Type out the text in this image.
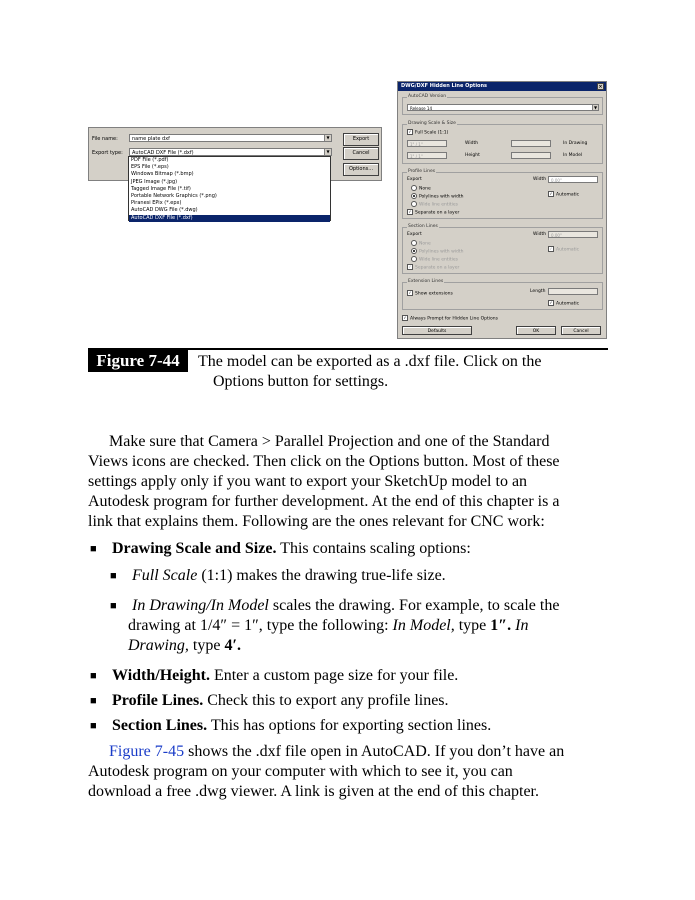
File name:	name plate dxf	▼
Export type:	AutoCAD DXF File (*.dxf)	▼
Export
Cancel
Options...
PDF File (*.pdf)
EPS File (*.eps)
Windows Bitmap (*.bmp)
JPEG Image (*.jpg)
Tagged Image File (*.tif)
Portable Network Graphics (*.png)
Piranesi EPix (*.epx)
AutoCAD DWG File (*.dwg)
AutoCAD DXF File (*.dxf)
DWG/DXF Hidden Line Options	×
AutoCAD Version
Release 14	▼
Drawing Scale & Size
✓ Full Scale (1:1)
1" / 1"	Width	In Drawing
1" / 1"	Height	In Model
Profile Lines
Export	Width	0.00"
None
Polylines with width
✓ Automatic
Wide line entities
✓ Separate on a layer
Section Lines
Export	Width	0.00"
None
Polylines with width
✓ Automatic
Wide line entities
✓ Separate on a layer
Extension Lines
✓ Show extensions	Length
✓ Automatic
✓ Always Prompt for Hidden Line Options
Defaults	OK	Cancel
Figure 7-44	The model can be exported as a .dxf file. Click on the
Options button for settings.
Make sure that Camera > Parallel Projection and one of the Standard
Views icons are checked. Then click on the Options button. Most of these
settings apply only if you want to export your SketchUp model to an
Autodesk program for further development. At the end of this chapter is a
link that explains them. Following are the ones relevant for CNC work:
■ Drawing Scale and Size. This contains scaling options:
■ Full Scale (1:1) makes the drawing true-life size.
■ In Drawing/In Model scales the drawing. For example, to scale the
drawing at 1/4″ = 1″, type the following: In Model, type 1″. In
Drawing, type 4′.
■ Width/Height. Enter a custom page size for your file.
■ Profile Lines. Check this to export any profile lines.
■ Section Lines. This has options for exporting section lines.
Figure 7-45 shows the .dxf file open in AutoCAD. If you don’t have an
Autodesk program on your computer with which to see it, you can
download a free .dwg viewer. A link is given at the end of this chapter.
